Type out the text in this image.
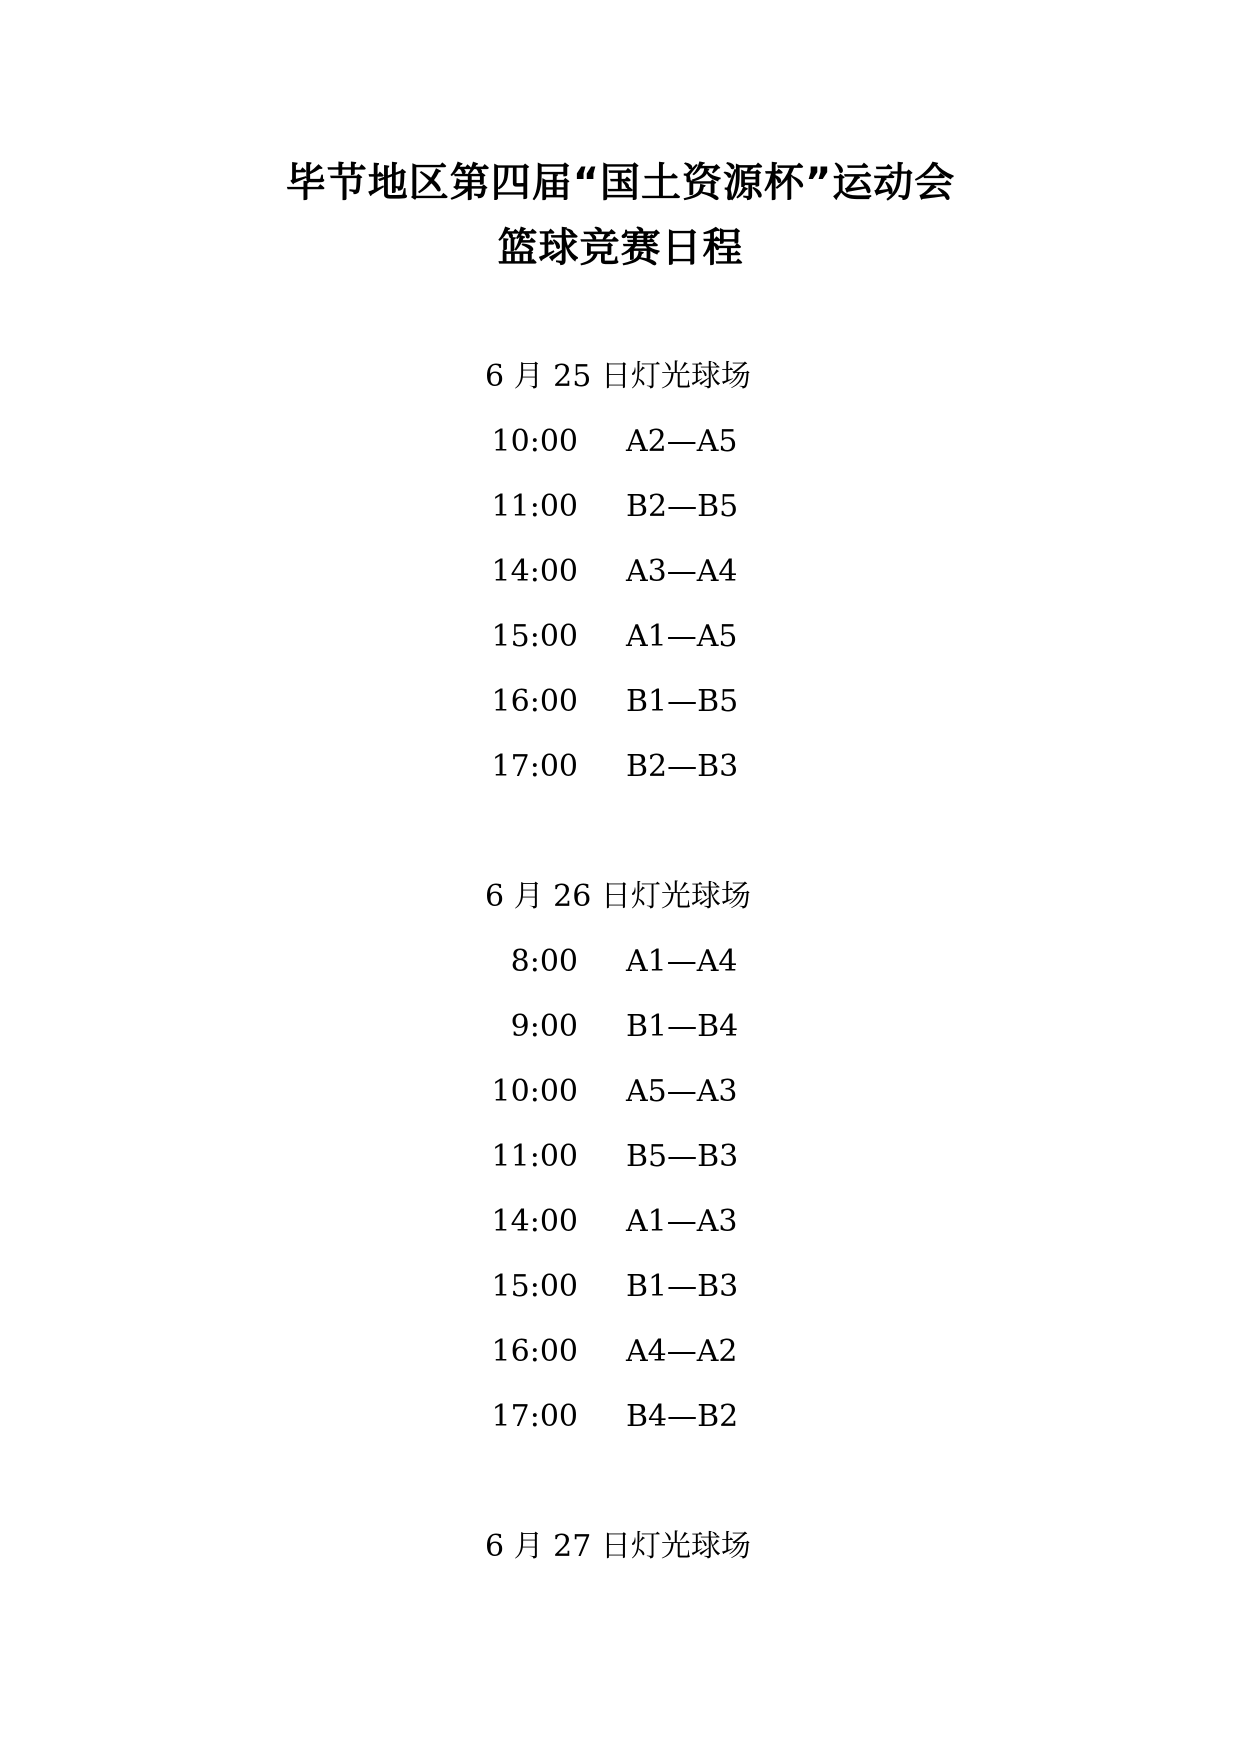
毕节地区第四届“国土资源杯”运动会
篮球竞赛日程
6 月 25 日灯光球场
10:00 A2—A5
11:00 B2—B5
14:00 A3—A4
15:00 A1—A5
16:00 B1—B5
17:00 B2—B3
6 月 26 日灯光球场
8:00 A1—A4
9:00 B1—B4
10:00 A5—A3
11:00 B5—B3
14:00 A1—A3
15:00 B1—B3
16:00 A4—A2
17:00 B4—B2
6 月 27 日灯光球场
